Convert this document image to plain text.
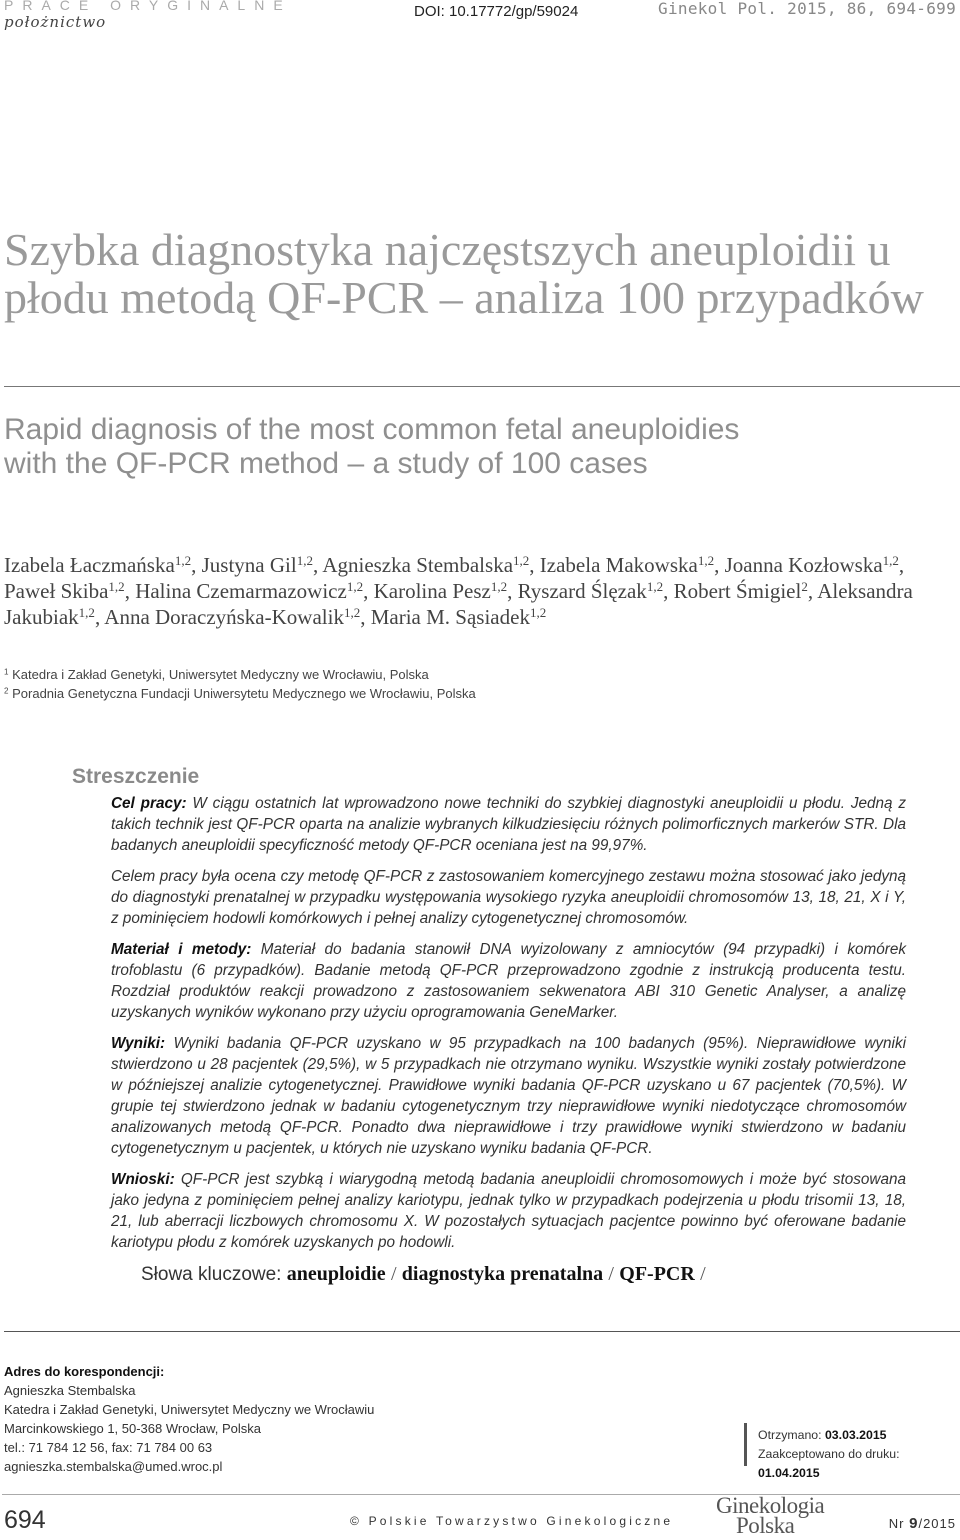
PRACE ORYGINALNE
położnictwo
DOI: 10.17772/gp/59024	Ginekol Pol. 2015, 86, 694-699
Szybka diagnostyka najczęstszych aneuploidii u płodu metodą QF-PCR – analiza 100 przypadków
Rapid diagnosis of the most common fetal aneuploidies
with the QF-PCR method – a study of 100 cases
Izabela Łaczmańska$^{1,2}$, Justyna Gil$^{1,2}$, Agnieszka Stembalska$^{1,2}$, Izabela Makowska$^{1,2}$, Joanna Kozłowska$^{1,2}$, Paweł Skiba$^{1,2}$, Halina Czemarmazowicz$^{1,2}$, Karolina Pesz$^{1,2}$, Ryszard Ślęzak$^{1,2}$, Robert Śmigiel$^2$, Aleksandra Jakubiak$^{1,2}$, Anna Doraczyńska-Kowalik$^{1,2}$, Maria M. Sąsiadek$^{1,2}$
$^1$ Katedra i Zakład Genetyki, Uniwersytet Medyczny we Wrocławiu, Polska
$^2$ Poradnia Genetyczna Fundacji Uniwersytetu Medycznego we Wrocławiu, Polska
Streszczenie

Cel pracy: W ciągu ostatnich lat wprowadzono nowe techniki do szybkiej diagnostyki aneuploidii u płodu. Jedną z takich technik jest QF-PCR oparta na analizie wybranych kilkudziesięciu różnych polimorficznych markerów STR. Dla badanych aneuploidii specyficzność metody QF-PCR oceniana jest na 99,97%.

Celem pracy była ocena czy metodę QF-PCR z zastosowaniem komercyjnego zestawu można stosować jako jedyną do diagnostyki prenatalnej w przypadku występowania wysokiego ryzyka aneuploidii chromosomów 13, 18, 21, X i Y, z pominięciem hodowli komórkowych i pełnej analizy cytogenetycznej chromosomów.

Materiał i metody: Materiał do badania stanowił DNA wyizolowany z amniocytów (94 przypadki) i komórek trofoblastu (6 przypadków). Badanie metodą QF-PCR przeprowadzono zgodnie z instrukcją producenta testu. Rozdział produktów reakcji prowadzono z zastosowaniem sekwenatora ABI 310 Genetic Analyser, a analizę uzyskanych wyników wykonano przy użyciu oprogramowania GeneMarker.

Wyniki: Wyniki badania QF-PCR uzyskano w 95 przypadkach na 100 badanych (95%). Nieprawidłowe wyniki stwierdzono u 28 pacjentek (29,5%), w 5 przypadkach nie otrzymano wyniku. Wszystkie wyniki zostały potwierdzone w późniejszej analizie cytogenetycznej. Prawidłowe wyniki badania QF-PCR uzyskano u 67 pacjentek (70,5%). W grupie tej stwierdzono jednak w badaniu cytogenetycznym trzy nieprawidłowe wyniki niedotyczące chromosomów analizowanych metodą QF-PCR. Ponadto dwa nieprawidłowe i trzy prawidłowe wyniki stwierdzono w badaniu cytogenetycznym u pacjentek, u których nie uzyskano wyniku badania QF-PCR.

Wnioski: QF-PCR jest szybką i wiarygodną metodą badania aneuploidii chromosomowych i może być stosowana jako jedyna z pominięciem pełnej analizy kariotypu, jednak tylko w przypadkach podejrzenia u płodu trisomii 13, 18, 21, lub aberracji liczbowych chromosomu X. W pozostałych sytuacjach pacjentce powinno być oferowane badanie kariotypu płodu z komórek uzyskanych po hodowli.

Słowa kluczowe: aneuploidie / diagnostyka prenatalna / QF-PCR /
Adres do korespondencji:
Agnieszka Stembalska
Katedra i Zakład Genetyki, Uniwersytet Medyczny we Wrocławiu
Marcinkowskiego 1, 50-368 Wrocław, Polska
tel.: 71 784 12 56, fax: 71 784 00 63
agnieszka.stembalska@umed.wroc.pl
Otrzymano: 03.03.2015
Zaakceptowano do druku: 01.04.2015
694	© Polskie Towarzystwo Ginekologiczne
Ginekologia
Polska	Nr 9/2015
